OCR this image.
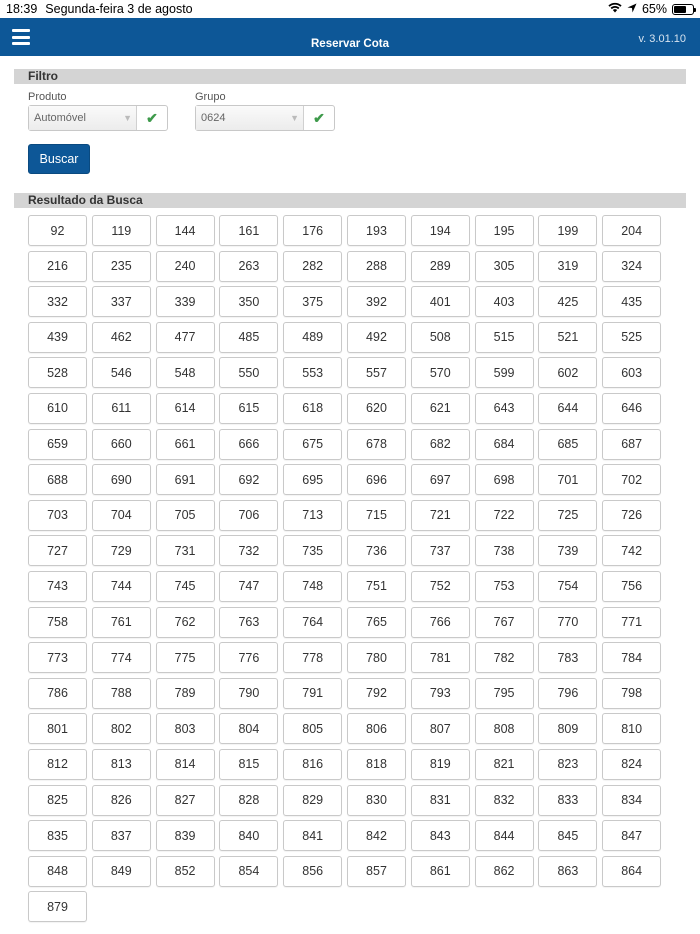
18:39 Segunda-feira 3 de agosto	65%
Reservar Cota	v. 3.01.10
Filtro
Produto
Automóvel	▼ ✔
Grupo
0624	▼ ✔
Buscar
Resultado da Busca
92	119	144	161	176	193	194	195	199	204
216	235	240	263	282	288	289	305	319	324
332	337	339	350	375	392	401	403	425	435
439	462	477	485	489	492	508	515	521	525
528	546	548	550	553	557	570	599	602	603
610	611	614	615	618	620	621	643	644	646
659	660	661	666	675	678	682	684	685	687
688	690	691	692	695	696	697	698	701	702
703	704	705	706	713	715	721	722	725	726
727	729	731	732	735	736	737	738	739	742
743	744	745	747	748	751	752	753	754	756
758	761	762	763	764	765	766	767	770	771
773	774	775	776	778	780	781	782	783	784
786	788	789	790	791	792	793	795	796	798
801	802	803	804	805	806	807	808	809	810
812	813	814	815	816	818	819	821	823	824
825	826	827	828	829	830	831	832	833	834
835	837	839	840	841	842	843	844	845	847
848	849	852	854	856	857	861	862	863	864
879
